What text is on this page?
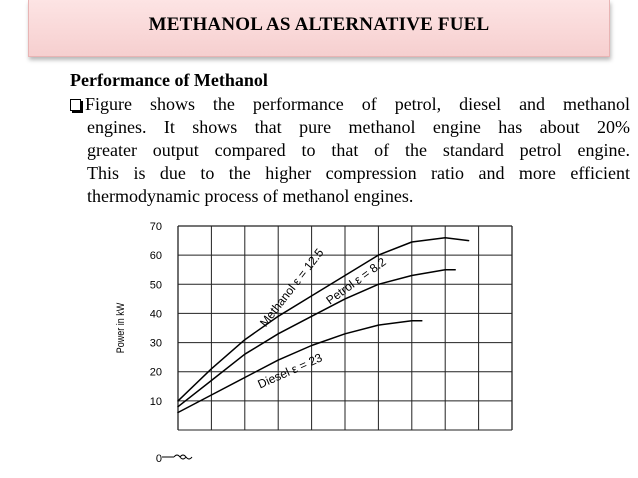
METHANOL AS ALTERNATIVE FUEL
Performance of Methanol
Figure shows the performance of petrol, diesel and methanol
engines. It shows that pure methanol engine has about 20%
greater output compared to that of the standard petrol engine.
This is due to the higher compression ratio and more efficient
thermodynamic process of methanol engines.
0
10
20
30
40
50
60
70
Power in kW	Methanol ε = 12.5
Petrol ε = 8.2
Diesel ε = 23
